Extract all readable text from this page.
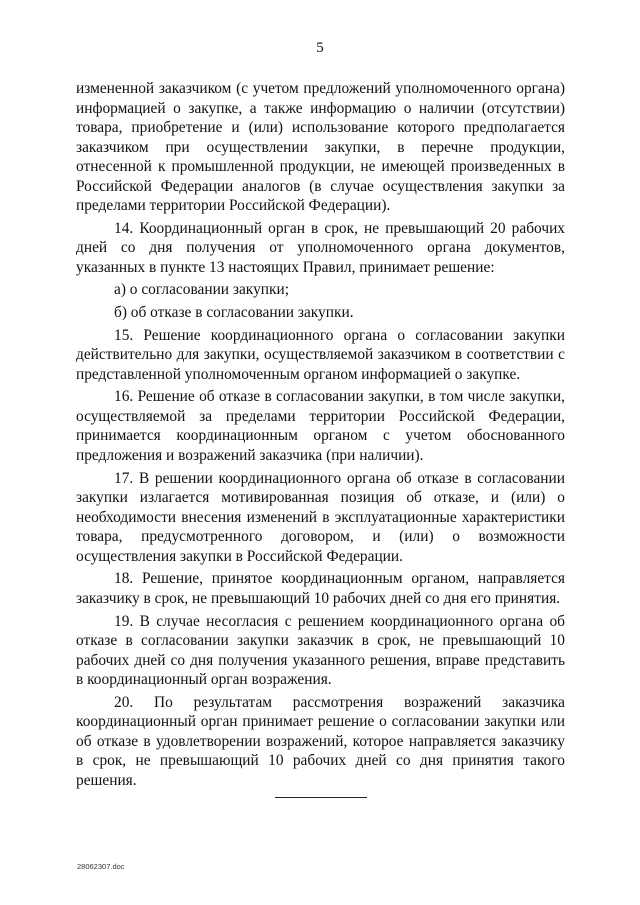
5

измененной заказчиком (с учетом предложений уполномоченного органа) информацией о закупке, а также информацию о наличии (отсутствии) товара, приобретение и (или) использование которого предполагается заказчиком при осуществлении закупки, в перечне продукции, отнесенной к промышленной продукции, не имеющей произведенных в Российской Федерации аналогов (в случае осуществления закупки за пределами территории Российской Федерации).

14. Координационный орган в срок, не превышающий 20 рабочих дней со дня получения от уполномоченного органа документов, указанных в пункте 13 настоящих Правил, принимает решение:

а) о согласовании закупки;

б) об отказе в согласовании закупки.

15. Решение координационного органа о согласовании закупки действительно для закупки, осуществляемой заказчиком в соответствии с представленной уполномоченным органом информацией о закупке.

16. Решение об отказе в согласовании закупки, в том числе закупки, осуществляемой за пределами территории Российской Федерации, принимается координационным органом с учетом обоснованного предложения и возражений заказчика (при наличии).

17. В решении координационного органа об отказе в согласовании закупки излагается мотивированная позиция об отказе, и (или) о необходимости внесения изменений в эксплуатационные характеристики товара, предусмотренного договором, и (или) о возможности осуществления закупки в Российской Федерации.

18. Решение, принятое координационным органом, направляется заказчику в срок, не превышающий 10 рабочих дней со дня его принятия.

19. В случае несогласия с решением координационного органа об отказе в согласовании закупки заказчик в срок, не превышающий 10 рабочих дней со дня получения указанного решения, вправе представить в координационный орган возражения.

20. По результатам рассмотрения возражений заказчика координационный орган принимает решение о согласовании закупки или об отказе в удовлетворении возражений, которое направляется заказчику в срок, не превышающий 10 рабочих дней со дня принятия такого решения.

28062307.doc
